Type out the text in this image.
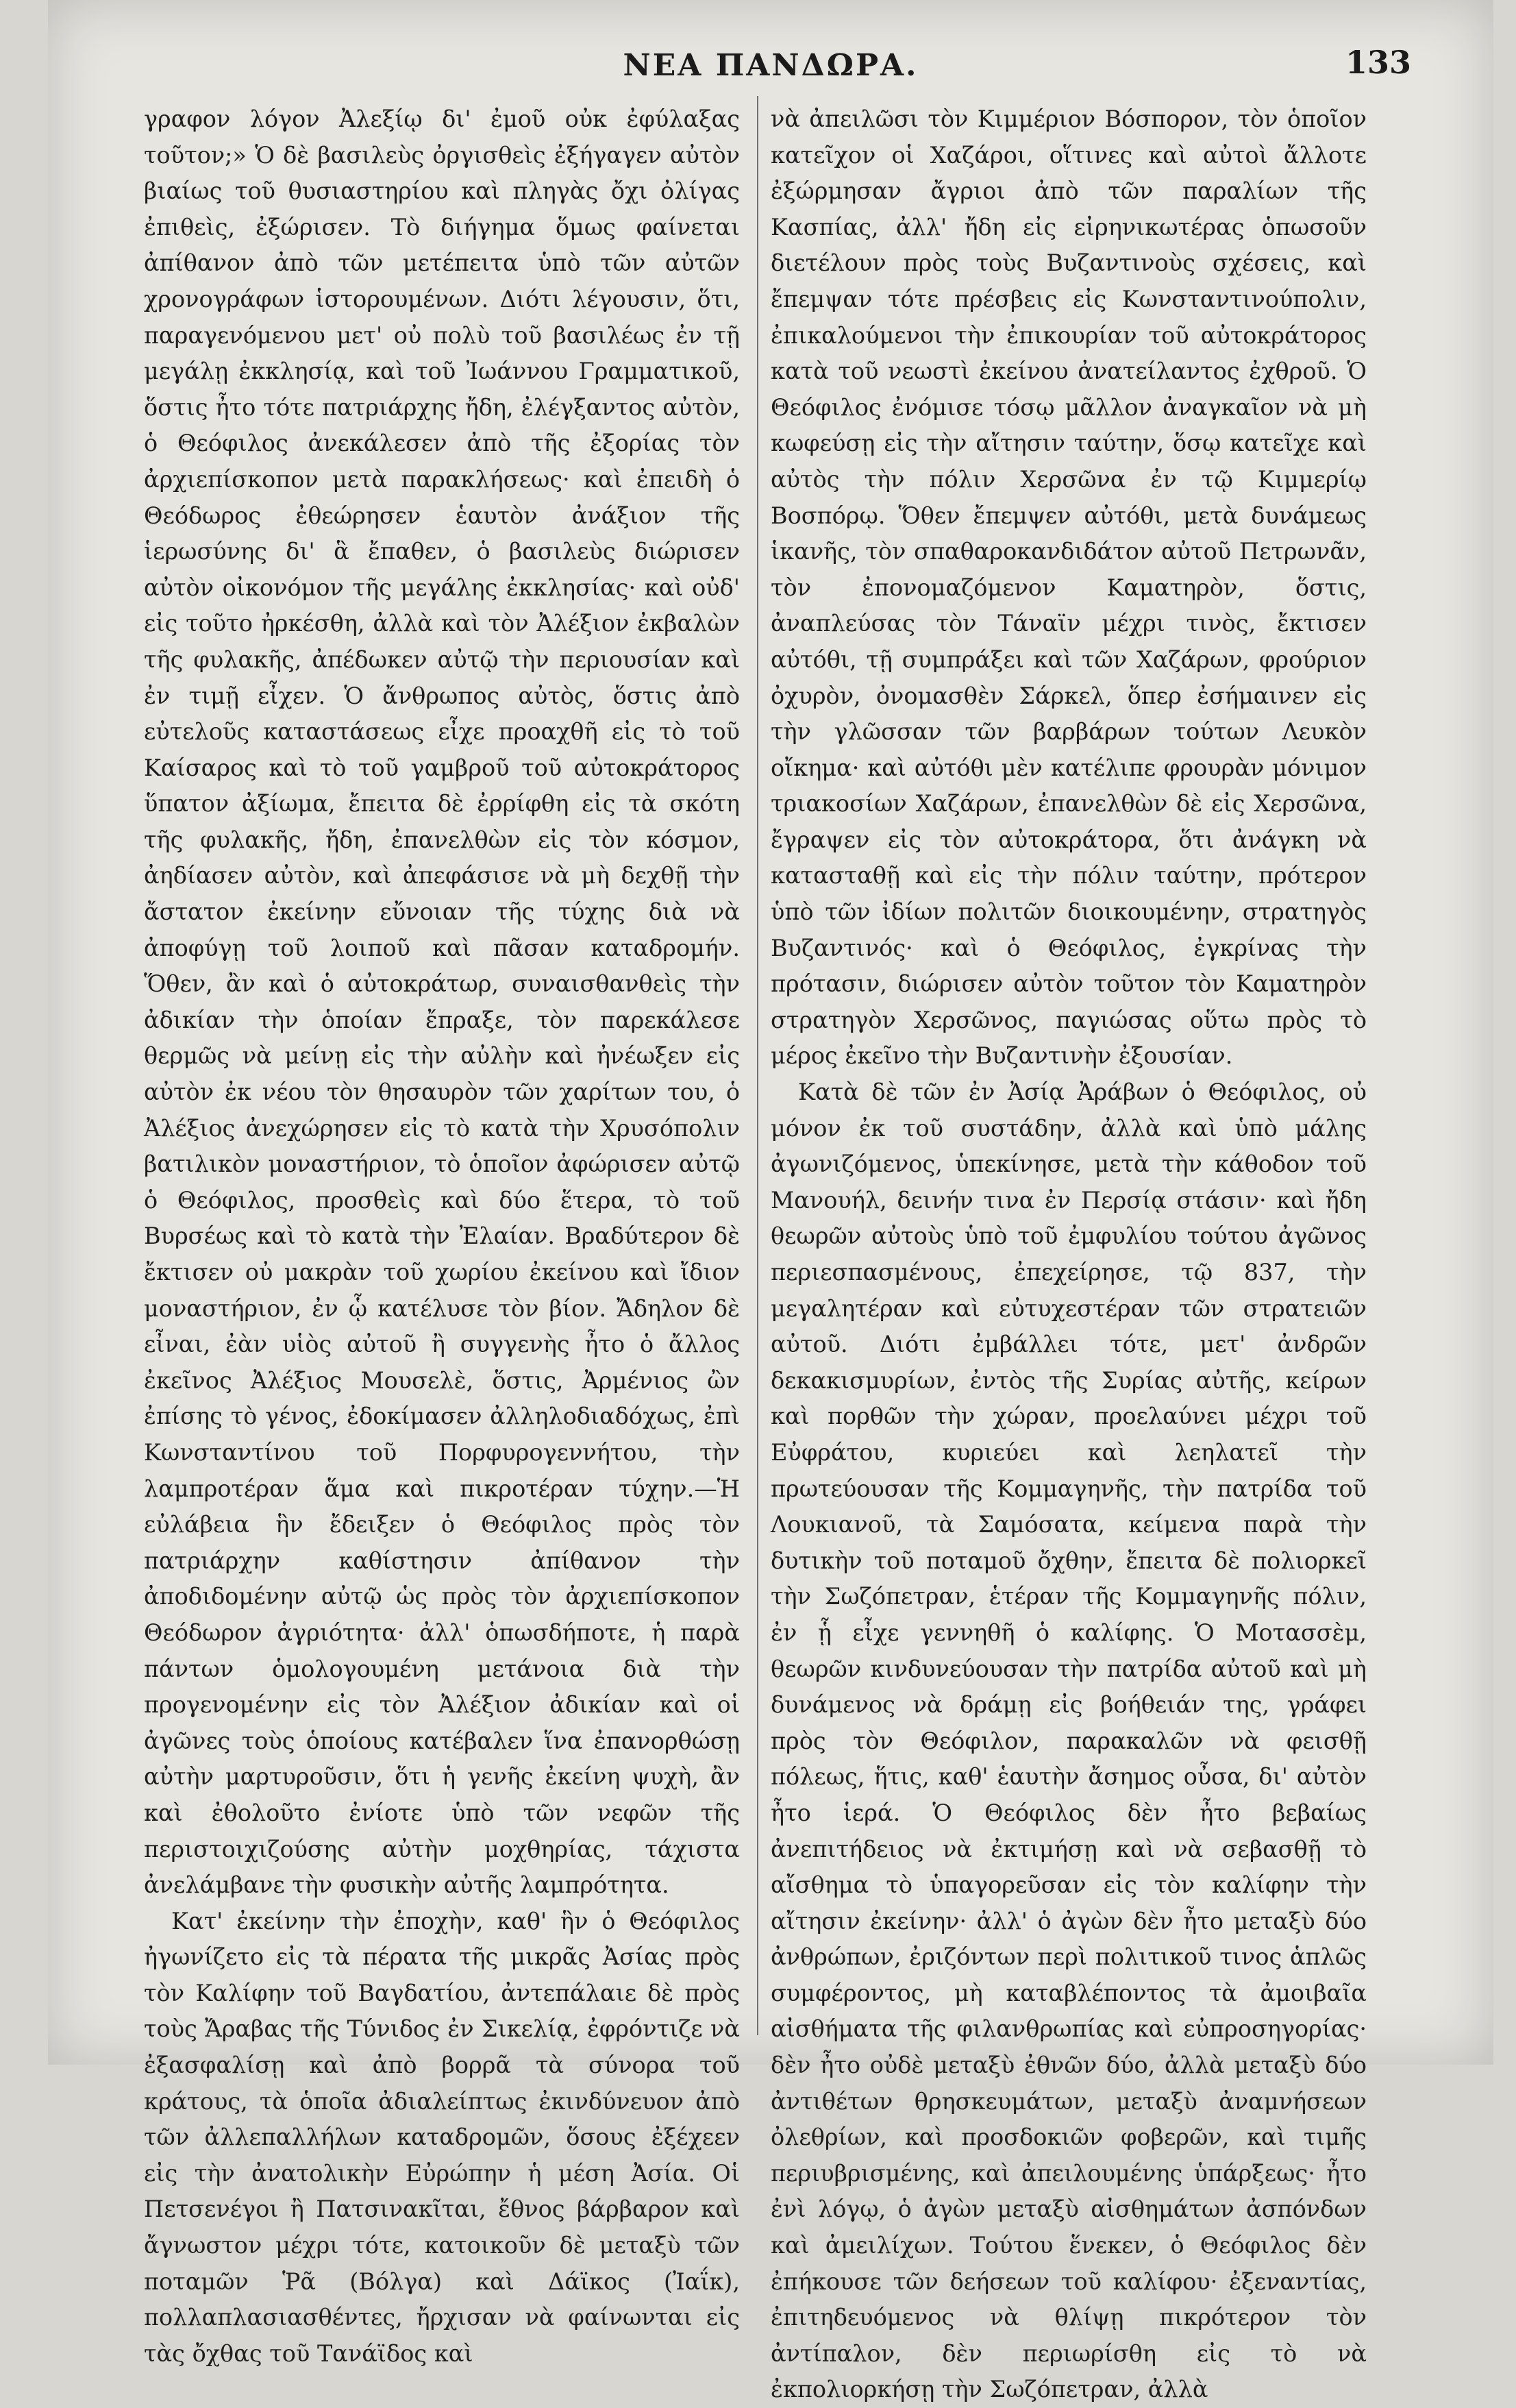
ΝΕΑ ΠΑΝΔΩΡΑ.	133

γραφον λόγον Ἀλεξίῳ δι' ἐμοῦ οὐκ ἐφύλαξας τοῦτον;» Ὁ δὲ βασιλεὺς ὀργισθεὶς ἐξήγαγεν αὐτὸν βιαίως τοῦ θυσιαστηρίου καὶ πληγὰς ὄχι ὀλίγας ἐπιθεὶς, ἐξώρισεν. Τὸ διήγημα ὅμως φαίνεται ἀπίθανον ἀπὸ τῶν μετέπειτα ὑπὸ τῶν αὐτῶν χρονογράφων ἱστορουμένων. Διότι λέγουσιν, ὅτι, παραγενόμενου μετ' οὐ πολὺ τοῦ βασιλέως ἐν τῇ μεγάλῃ ἐκκλησίᾳ, καὶ τοῦ Ἰωάννου Γραμματικοῦ, ὅστις ἦτο τότε πατριάρχης ἤδη, ἐλέγξαντος αὐτὸν, ὁ Θεόφιλος ἀνεκάλεσεν ἀπὸ τῆς ἐξορίας τὸν ἀρχιεπίσκοπον μετὰ παρακλήσεως· καὶ ἐπειδὴ ὁ Θεόδωρος ἐθεώρησεν ἑαυτὸν ἀνάξιον τῆς ἱερωσύνης δι' ἃ ἔπαθεν, ὁ βασιλεὺς διώρισεν αὐτὸν οἰκονόμον τῆς μεγάλης ἐκκλησίας· καὶ οὐδ' εἰς τοῦτο ἠρκέσθη, ἀλλὰ καὶ τὸν Ἀλέξιον ἐκβαλὼν τῆς φυλακῆς, ἀπέδωκεν αὐτῷ τὴν περιουσίαν καὶ ἐν τιμῇ εἶχεν. Ὁ ἄνθρωπος αὐτὸς, ὅστις ἀπὸ εὐτελοῦς καταστάσεως εἶχε προαχθῆ εἰς τὸ τοῦ Καίσαρος καὶ τὸ τοῦ γαμβροῦ τοῦ αὐτοκράτορος ὕπατον ἀξίωμα, ἔπειτα δὲ ἐρρίφθη εἰς τὰ σκότη τῆς φυλακῆς, ἤδη, ἐπανελθὼν εἰς τὸν κόσμον, ἀηδίασεν αὐτὸν, καὶ ἀπεφάσισε νὰ μὴ δεχθῇ τὴν ἄστατον ἐκείνην εὔνοιαν τῆς τύχης διὰ νὰ ἀποφύγῃ τοῦ λοιποῦ καὶ πᾶσαν καταδρομήν. Ὅθεν, ἂν καὶ ὁ αὐτοκράτωρ, συναισθανθεὶς τὴν ἀδικίαν τὴν ὁποίαν ἔπραξε, τὸν παρεκάλεσε θερμῶς νὰ μείνῃ εἰς τὴν αὐλὴν καὶ ἠνέωξεν εἰς αὐτὸν ἐκ νέου τὸν θησαυρὸν τῶν χαρίτων του, ὁ Ἀλέξιος ἀνεχώρησεν εἰς τὸ κατὰ τὴν Χρυσόπολιν βατιλικὸν μοναστήριον, τὸ ὁποῖον ἀφώρισεν αὐτῷ ὁ Θεόφιλος, προσθεὶς καὶ δύο ἕτερα, τὸ τοῦ Βυρσέως καὶ τὸ κατὰ τὴν Ἐλαίαν. Βραδύτερον δὲ ἔκτισεν οὐ μακρὰν τοῦ χωρίου ἐκείνου καὶ ἴδιον μοναστήριον, ἐν ᾧ κατέλυσε τὸν βίον. Ἄδηλον δὲ εἶναι, ἐὰν υἱὸς αὐτοῦ ἢ συγγενὴς ἦτο ὁ ἄλλος ἐκεῖνος Ἀλέξιος Μουσελὲ, ὅστις, Ἀρμένιος ὢν ἐπίσης τὸ γένος, ἐδοκίμασεν ἀλληλοδιαδόχως, ἐπὶ Κωνσταντίνου τοῦ Πορφυρογεννήτου, τὴν λαμπροτέραν ἅμα καὶ πικροτέραν τύχην.—Ἡ εὐλάβεια ἣν ἔδειξεν ὁ Θεόφιλος πρὸς τὸν πατριάρχην καθίστησιν ἀπίθανον τὴν ἀποδιδομένην αὐτῷ ὡς πρὸς τὸν ἀρχιεπίσκοπον Θεόδωρον ἀγριότητα· ἀλλ' ὁπωσδήποτε, ἡ παρὰ πάντων ὁμολογουμένη μετάνοια διὰ τὴν προγενομένην εἰς τὸν Ἀλέξιον ἀδικίαν καὶ οἱ ἀγῶνες τοὺς ὁποίους κατέβαλεν ἵνα ἐπανορθώσῃ αὐτὴν μαρτυροῦσιν, ὅτι ἡ γενῆς ἐκείνη ψυχὴ, ἂν καὶ ἐθολοῦτο ἐνίοτε ὑπὸ τῶν νεφῶν τῆς περιστοιχιζούσης αὐτὴν μοχθηρίας, τάχιστα ἀνελάμβανε τὴν φυσικὴν αὐτῆς λαμπρότητα.

Κατ' ἐκείνην τὴν ἐποχὴν, καθ' ἣν ὁ Θεόφιλος ἠγωνίζετο εἰς τὰ πέρατα τῆς μικρᾶς Ἀσίας πρὸς τὸν Καλίφην τοῦ Βαγδατίου, ἀντεπάλαιε δὲ πρὸς τοὺς Ἄραβας τῆς Τύνιδος ἐν Σικελίᾳ, ἐφρόντιζε νὰ ἐξασφαλίσῃ καὶ ἀπὸ βορρᾶ τὰ σύνορα τοῦ κράτους, τὰ ὁποῖα ἀδιαλείπτως ἐκινδύνευον ἀπὸ τῶν ἀλλεπαλλήλων καταδρομῶν, ὅσους ἐξέχεεν εἰς τὴν ἀνατολικὴν Εὐρώπην ἡ μέση Ἀσία. Οἱ Πετσενέγοι ἢ Πατσινακῖται, ἔθνος βάρβαρον καὶ ἄγνωστον μέχρι τότε, κατοικοῦν δὲ μεταξὺ τῶν ποταμῶν Ῥᾶ (Βόλγα) καὶ Δάϊκος (Ἰαΐκ), πολλαπλασιασθέντες, ἤρχισαν νὰ φαίνωνται εἰς τὰς ὄχθας τοῦ Τανάϊδος καὶ

νὰ ἀπειλῶσι τὸν Κιμμέριον Βόσπορον, τὸν ὁποῖον κατεῖχον οἱ Χαζάροι, οἵτινες καὶ αὐτοὶ ἄλλοτε ἐξώρμησαν ἄγριοι ἀπὸ τῶν παραλίων τῆς Κασπίας, ἀλλ' ἤδη εἰς εἰρηνικωτέρας ὁπωσοῦν διετέλουν πρὸς τοὺς Βυζαντινοὺς σχέσεις, καὶ ἔπεμψαν τότε πρέσβεις εἰς Κωνσταντινούπολιν, ἐπικαλούμενοι τὴν ἐπικουρίαν τοῦ αὐτοκράτορος κατὰ τοῦ νεωστὶ ἐκείνου ἀνατείλαντος ἐχθροῦ. Ὁ Θεόφιλος ἐνόμισε τόσῳ μᾶλλον ἀναγκαῖον νὰ μὴ κωφεύσῃ εἰς τὴν αἴτησιν ταύτην, ὅσῳ κατεῖχε καὶ αὐτὸς τὴν πόλιν Χερσῶνα ἐν τῷ Κιμμερίῳ Βοσπόρῳ. Ὅθεν ἔπεμψεν αὐτόθι, μετὰ δυνάμεως ἱκανῆς, τὸν σπαθαροκανδιδάτον αὐτοῦ Πετρωνᾶν, τὸν ἐπονομαζόμενον Καματηρὸν, ὅστις, ἀναπλεύσας τὸν Τάναϊν μέχρι τινὸς, ἔκτισεν αὐτόθι, τῇ συμπράξει καὶ τῶν Χαζάρων, φρούριον ὀχυρὸν, ὀνομασθὲν Σάρκελ, ὅπερ ἐσήμαινεν εἰς τὴν γλῶσσαν τῶν βαρβάρων τούτων Λευκὸν οἴκημα· καὶ αὐτόθι μὲν κατέλιπε φρουρὰν μόνιμον τριακοσίων Χαζάρων, ἐπανελθὼν δὲ εἰς Χερσῶνα, ἔγραψεν εἰς τὸν αὐτοκράτορα, ὅτι ἀνάγκη νὰ κατασταθῇ καὶ εἰς τὴν πόλιν ταύτην, πρότερον ὑπὸ τῶν ἰδίων πολιτῶν διοικουμένην, στρατηγὸς Βυζαντινός· καὶ ὁ Θεόφιλος, ἐγκρίνας τὴν πρότασιν, διώρισεν αὐτὸν τοῦτον τὸν Καματηρὸν στρατηγὸν Χερσῶνος, παγιώσας οὕτω πρὸς τὸ μέρος ἐκεῖνο τὴν Βυζαντινὴν ἐξουσίαν.

Κατὰ δὲ τῶν ἐν Ἀσίᾳ Ἀράβων ὁ Θεόφιλος, οὐ μόνον ἐκ τοῦ συστάδην, ἀλλὰ καὶ ὑπὸ μάλης ἀγωνιζόμενος, ὑπεκίνησε, μετὰ τὴν κάθοδον τοῦ Μανουήλ, δεινήν τινα ἐν Περσίᾳ στάσιν· καὶ ἤδη θεωρῶν αὐτοὺς ὑπὸ τοῦ ἐμφυλίου τούτου ἀγῶνος περιεσπασμένους, ἐπεχείρησε, τῷ 837, τὴν μεγαλητέραν καὶ εὐτυχεστέραν τῶν στρατειῶν αὐτοῦ. Διότι ἐμβάλλει τότε, μετ' ἀνδρῶν δεκακισμυρίων, ἐντὸς τῆς Συρίας αὐτῆς, κείρων καὶ πορθῶν τὴν χώραν, προελαύνει μέχρι τοῦ Εὐφράτου, κυριεύει καὶ λεηλατεῖ τὴν πρωτεύουσαν τῆς Κομμαγηνῆς, τὴν πατρίδα τοῦ Λουκιανοῦ, τὰ Σαμόσατα, κείμενα παρὰ τὴν δυτικὴν τοῦ ποταμοῦ ὄχθην, ἔπειτα δὲ πολιορκεῖ τὴν Σωζόπετραν, ἑτέραν τῆς Κομμαγηνῆς πόλιν, ἐν ᾗ εἶχε γεννηθῆ ὁ καλίφης. Ὁ Μοτασσὲμ, θεωρῶν κινδυνεύουσαν τὴν πατρίδα αὐτοῦ καὶ μὴ δυνάμενος νὰ δράμῃ εἰς βοήθειάν της, γράφει πρὸς τὸν Θεόφιλον, παρακαλῶν νὰ φεισθῇ πόλεως, ἥτις, καθ' ἑαυτὴν ἄσημος οὖσα, δι' αὐτὸν ἦτο ἱερά. Ὁ Θεόφιλος δὲν ἦτο βεβαίως ἀνεπιτήδειος νὰ ἐκτιμήσῃ καὶ νὰ σεβασθῇ τὸ αἴσθημα τὸ ὑπαγορεῦσαν εἰς τὸν καλίφην τὴν αἴτησιν ἐκείνην· ἀλλ' ὁ ἀγὼν δὲν ἦτο μεταξὺ δύο ἀνθρώπων, ἐριζόντων περὶ πολιτικοῦ τινος ἁπλῶς συμφέροντος, μὴ καταβλέποντος τὰ ἀμοιβαῖα αἰσθήματα τῆς φιλανθρωπίας καὶ εὐπροσηγορίας· δὲν ἦτο οὐδὲ μεταξὺ ἐθνῶν δύο, ἀλλὰ μεταξὺ δύο ἀντιθέτων θρησκευμάτων, μεταξὺ ἀναμνήσεων ὀλεθρίων, καὶ προσδοκιῶν φοβερῶν, καὶ τιμῆς περιυβρισμένης, καὶ ἀπειλουμένης ὑπάρξεως· ἦτο ἐνὶ λόγῳ, ὁ ἀγὼν μεταξὺ αἰσθημάτων ἀσπόνδων καὶ ἀμειλίχων. Τούτου ἕνεκεν, ὁ Θεόφιλος δὲν ἐπήκουσε τῶν δεήσεων τοῦ καλίφου· ἐξεναντίας, ἐπιτηδευόμενος νὰ θλίψῃ πικρότερον τὸν ἀντίπαλον, δὲν περιωρίσθη εἰς τὸ νὰ ἐκπολιορκήσῃ τὴν Σωζόπετραν, ἀλλὰ
